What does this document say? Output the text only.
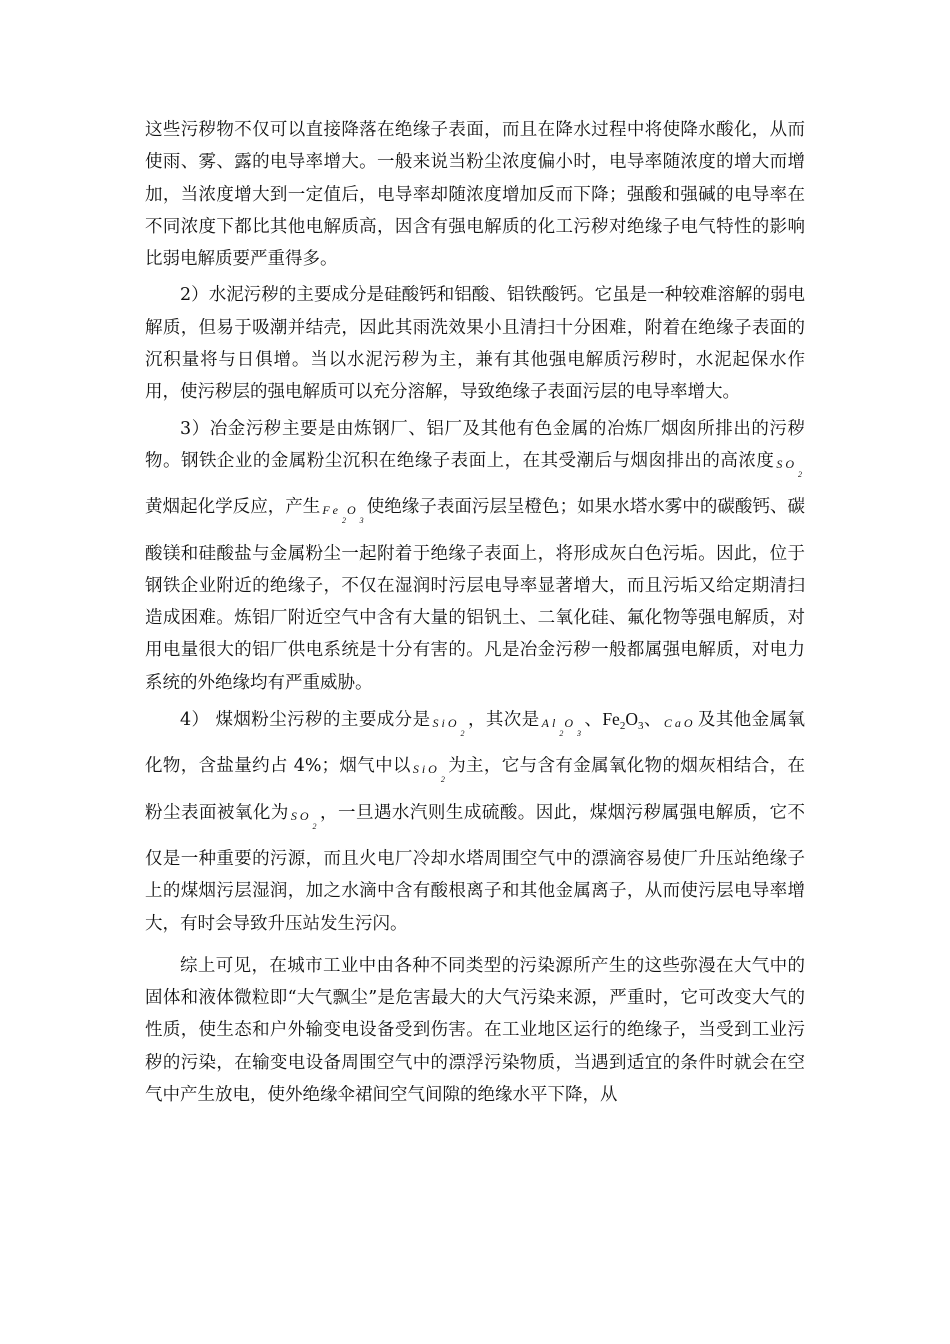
这些污秽物不仅可以直接降落在绝缘子表面，而且在降水过程中将使降水酸化，从而使雨、雾、露的电导率增大。一般来说当粉尘浓度偏小时，电导率随浓度的增大而增加，当浓度增大到一定值后，电导率却随浓度增加反而下降；强酸和强碱的电导率在不同浓度下都比其他电解质高，因含有强电解质的化工污秽对绝缘子电气特性的影响比弱电解质要严重得多。

2）水泥污秽的主要成分是硅酸钙和铝酸、铝铁酸钙。它虽是一种较难溶解的弱电解质，但易于吸潮并结壳，因此其雨洗效果小且清扫十分困难，附着在绝缘子表面的沉积量将与日俱增。当以水泥污秽为主，兼有其他强电解质污秽时，水泥起保水作用，使污秽层的强电解质可以充分溶解，导致绝缘子表面污层的电导率增大。

3）冶金污秽主要是由炼钢厂、铝厂及其他有色金属的冶炼厂烟囱所排出的污秽物。钢铁企业的金属粉尘沉积在绝缘子表面上，在其受潮后与烟囱排出的高浓度 $SO_2$黄烟起化学反应，产生 $Fe_2O_3$使绝缘子表面污层呈橙色；如果水塔水雾中的碳酸钙、碳酸镁和硅酸盐与金属粉尘一起附着于绝缘子表面上，将形成灰白色污垢。因此，位于钢铁企业附近的绝缘子，不仅在湿润时污层电导率显著增大，而且污垢又给定期清扫造成困难。炼铝厂附近空气中含有大量的铝钒土、二氧化硅、氟化物等强电解质，对用电量很大的铝厂供电系统是十分有害的。凡是冶金污秽一般都属强电解质，对电力系统的外绝缘均有严重威胁。

4） 煤烟粉尘污秽的主要成分是 SiO$_2$，其次是 $Al_2O_3$、$Fe_2O_3$、 CaO 及其他金属氧化物，含盐量约占 4%；烟气中以 SiO$_2$为主，它与含有金属氧化物的烟灰相结合，在粉尘表面被氧化为 $SO_2$，一旦遇水汽则生成硫酸。因此，煤烟污秽属强电解质，它不仅是一种重要的污源，而且火电厂冷却水塔周围空气中的漂滴容易使厂升压站绝缘子上的煤烟污层湿润，加之水滴中含有酸根离子和其他金属离子，从而使污层电导率增大，有时会导致升压站发生污闪。

综上可见，在城市工业中由各种不同类型的污染源所产生的这些弥漫在大气中的固体和液体微粒即“大气飘尘”是危害最大的大气污染来源，严重时，它可改变大气的性质，使生态和户外输变电设备受到伤害。在工业地区运行的绝缘子，当受到工业污秽的污染，在输变电设备周围空气中的漂浮污染物质，当遇到适宜的条件时就会在空气中产生放电，使外绝缘伞裙间空气间隙的绝缘水平下降，从
